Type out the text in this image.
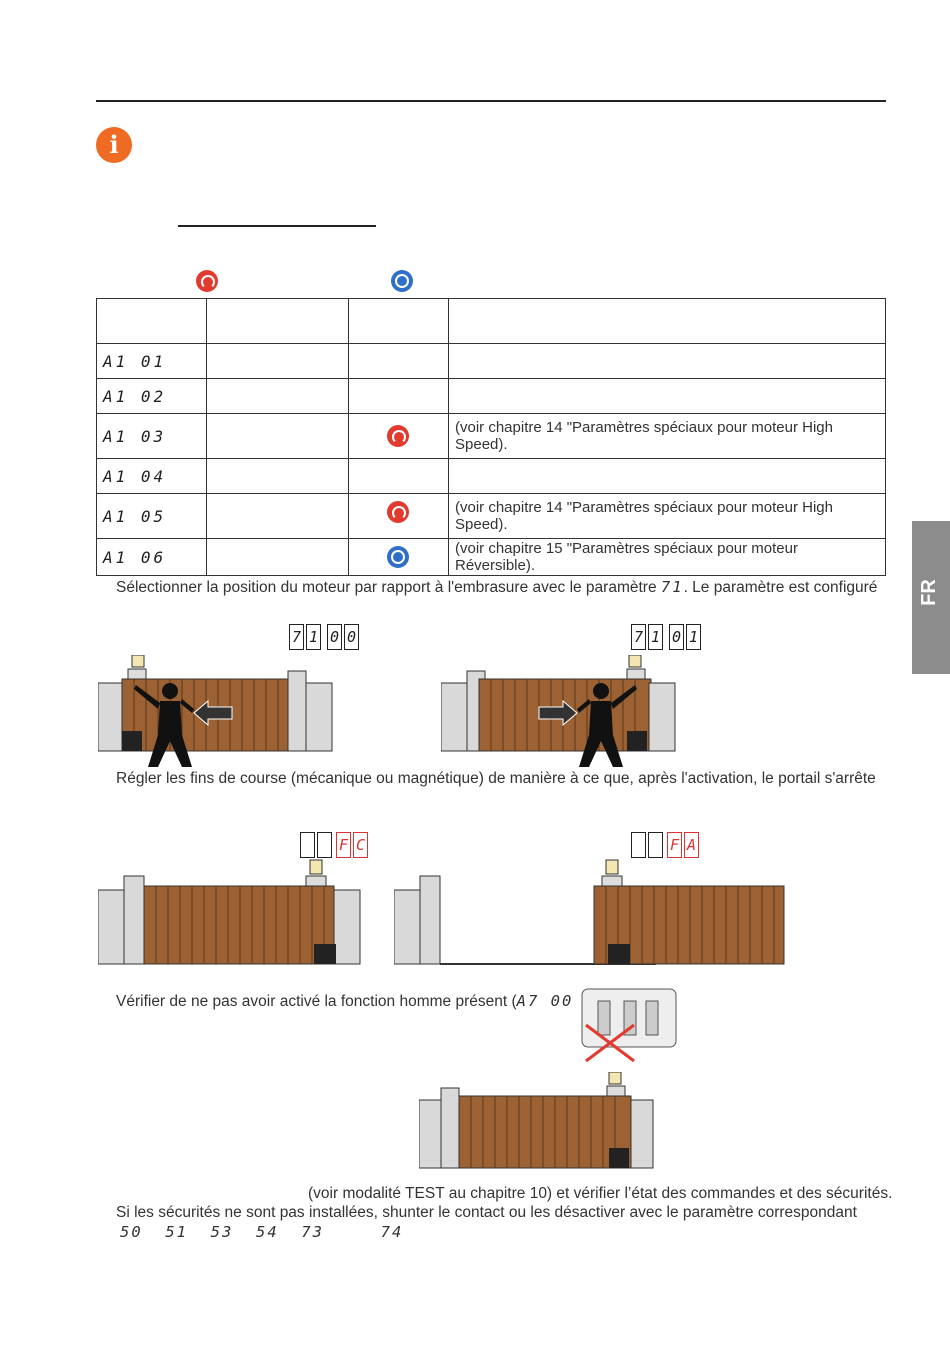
i

A1 01			
A1 02			
A1 03			(voir chapitre 14 "Paramètres spéciaux pour moteur High Speed).
A1 04			
A1 05			(voir chapitre 14 "Paramètres spéciaux pour moteur High Speed).
A1 06			(voir chapitre 15 "Paramètres spéciaux pour moteur Réversible).
Sélectionner la position du moteur par rapport à l'embrasure avec le paramètre 71. Le paramètre est configuré FR
7 1 0 0	7 1 0 1
Régler les fins de course (mécanique ou magnétique) de manière à ce que, après l'activation, le portail s'arrête
F C	F A
Vérifier de ne pas avoir activé la fonction homme présent (A7 00
(voir modalité TEST au chapitre 10) et vérifier l’état des commandes et des sécurités.
Si les sécurités ne sont pas installées, shunter le contact ou les désactiver avec le paramètre correspondant
50  51  53  54  73     74
